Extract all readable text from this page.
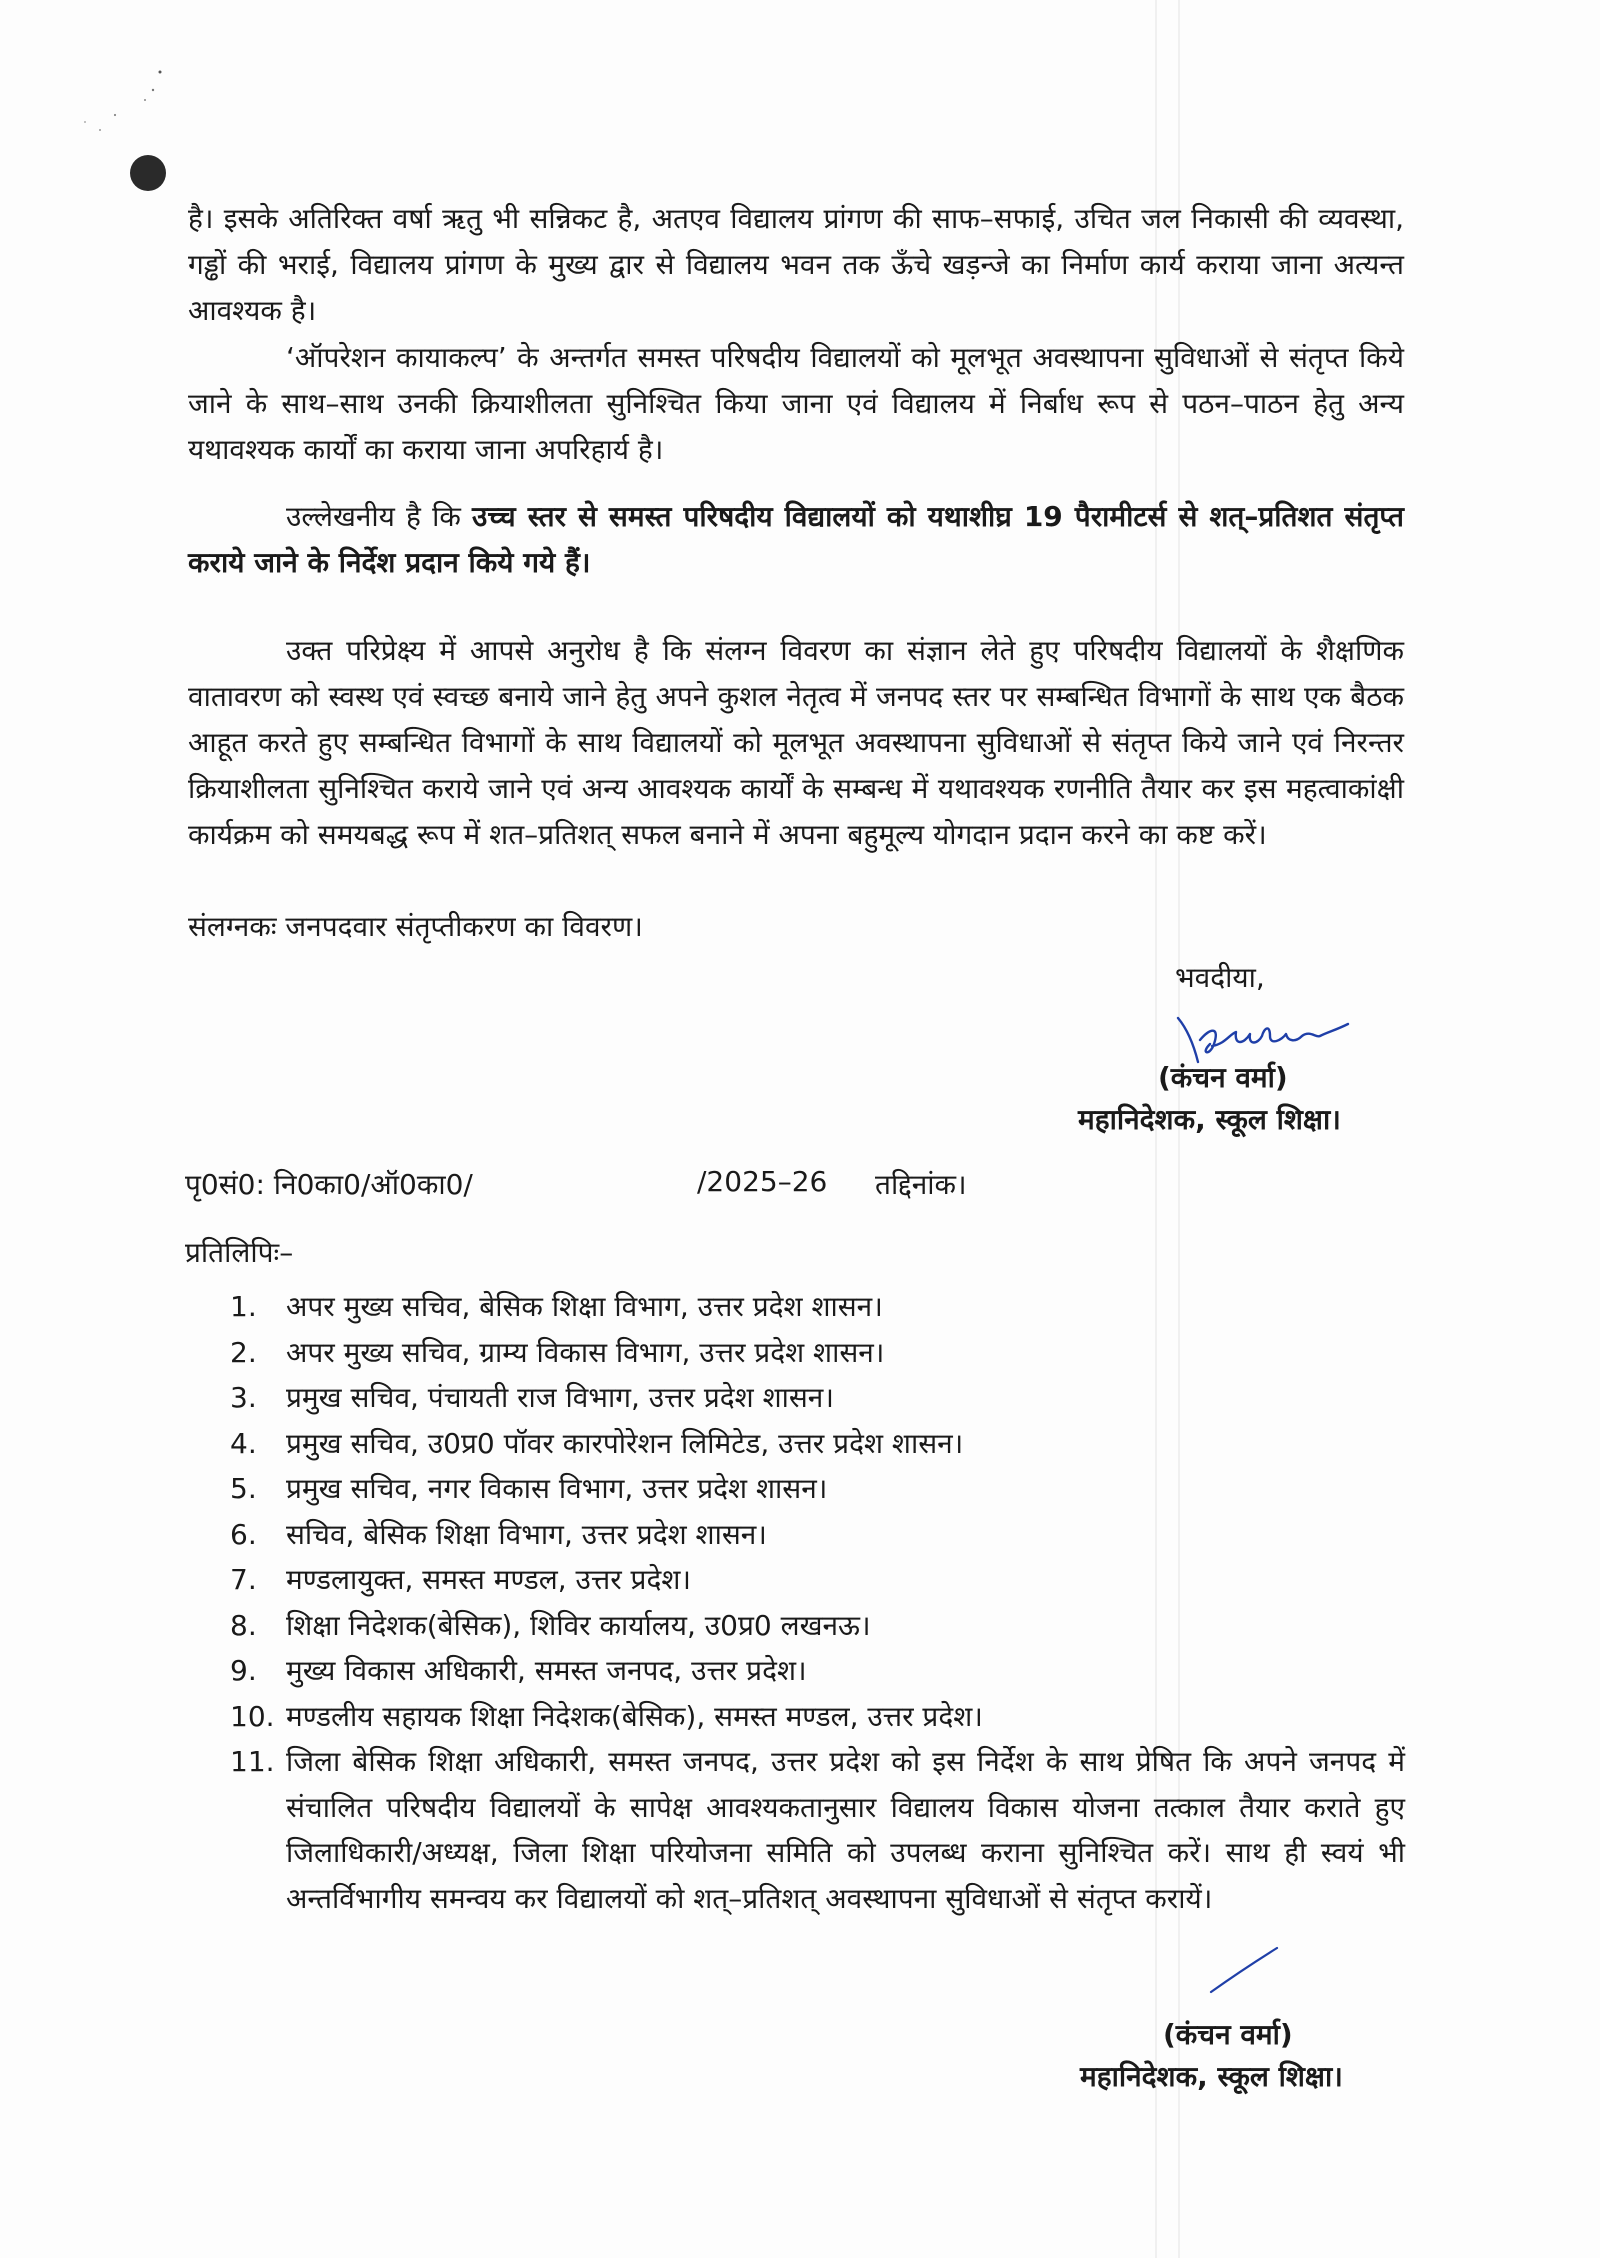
है। इसके अतिरिक्त वर्षा ऋतु भी सन्निकट है, अतएव विद्यालय प्रांगण की साफ–सफाई, उचित जल निकासी की व्यवस्था, गड्ढों की भराई, विद्यालय प्रांगण के मुख्य द्वार से विद्यालय भवन तक ऊँचे खड़न्जे का निर्माण कार्य कराया जाना अत्यन्त आवश्यक है।
‘ऑपरेशन कायाकल्प’ के अन्तर्गत समस्त परिषदीय विद्यालयों को मूलभूत अवस्थापना सुविधाओं से संतृप्त किये जाने के साथ–साथ उनकी क्रियाशीलता सुनिश्चित किया जाना एवं विद्यालय में निर्बाध रूप से पठन–पाठन हेतु अन्य यथावश्यक कार्यों का कराया जाना अपरिहार्य है।
उल्लेखनीय है कि उच्च स्तर से समस्त परिषदीय विद्यालयों को यथाशीघ्र 19 पैरामीटर्स से शत्–प्रतिशत संतृप्त कराये जाने के निर्देश प्रदान किये गये हैं।
उक्त परिप्रेक्ष्य में आपसे अनुरोध है कि संलग्न विवरण का संज्ञान लेते हुए परिषदीय विद्यालयों के शैक्षणिक वातावरण को स्वस्थ एवं स्वच्छ बनाये जाने हेतु अपने कुशल नेतृत्व में जनपद स्तर पर सम्बन्धित विभागों के साथ एक बैठक आहूत करते हुए सम्बन्धित विभागों के साथ विद्यालयों को मूलभूत अवस्थापना सुविधाओं से संतृप्त किये जाने एवं निरन्तर क्रियाशीलता सुनिश्चित कराये जाने एवं अन्य आवश्यक कार्यों के सम्बन्ध में यथावश्यक रणनीति तैयार कर इस महत्वाकांक्षी कार्यक्रम को समयबद्ध रूप में शत–प्रतिशत् सफल बनाने में अपना बहुमूल्य योगदान प्रदान करने का कष्ट करें।
संलग्नकः जनपदवार संतृप्तीकरण का विवरण।
भवदीया,
(कंचन वर्मा)
महानिदेशक, स्कूल शिक्षा।
पृ0सं0: नि0का0/ऑ0का0/	/2025–26 तद्दिनांक।
प्रतिलिपिः–
1.	अपर मुख्य सचिव, बेसिक शिक्षा विभाग, उत्तर प्रदेश शासन।
2.	अपर मुख्य सचिव, ग्राम्य विकास विभाग, उत्तर प्रदेश शासन।
3.	प्रमुख सचिव, पंचायती राज विभाग, उत्तर प्रदेश शासन।
4.	प्रमुख सचिव, उ0प्र0 पॉवर कारपोरेशन लिमिटेड, उत्तर प्रदेश शासन।
5.	प्रमुख सचिव, नगर विकास विभाग, उत्तर प्रदेश शासन।
6.	सचिव, बेसिक शिक्षा विभाग, उत्तर प्रदेश शासन।
7.	मण्डलायुक्त, समस्त मण्डल, उत्तर प्रदेश।
8.	शिक्षा निदेशक(बेसिक), शिविर कार्यालय, उ0प्र0 लखनऊ।
9.	मुख्य विकास अधिकारी, समस्त जनपद, उत्तर प्रदेश।
10. मण्डलीय सहायक शिक्षा निदेशक(बेसिक), समस्त मण्डल, उत्तर प्रदेश।
11. जिला बेसिक शिक्षा अधिकारी, समस्त जनपद, उत्तर प्रदेश को इस निर्देश के साथ प्रेषित कि अपने जनपद में संचालित परिषदीय विद्यालयों के सापेक्ष आवश्यकतानुसार विद्यालय विकास योजना तत्काल तैयार कराते हुए जिलाधिकारी/अध्यक्ष, जिला शिक्षा परियोजना समिति को उपलब्ध कराना सुनिश्चित करें। साथ ही स्वयं भी अन्तर्विभागीय समन्वय कर विद्यालयों को शत्–प्रतिशत् अवस्थापना सुविधाओं से संतृप्त करायें।
(कंचन वर्मा)
महानिदेशक, स्कूल शिक्षा।
